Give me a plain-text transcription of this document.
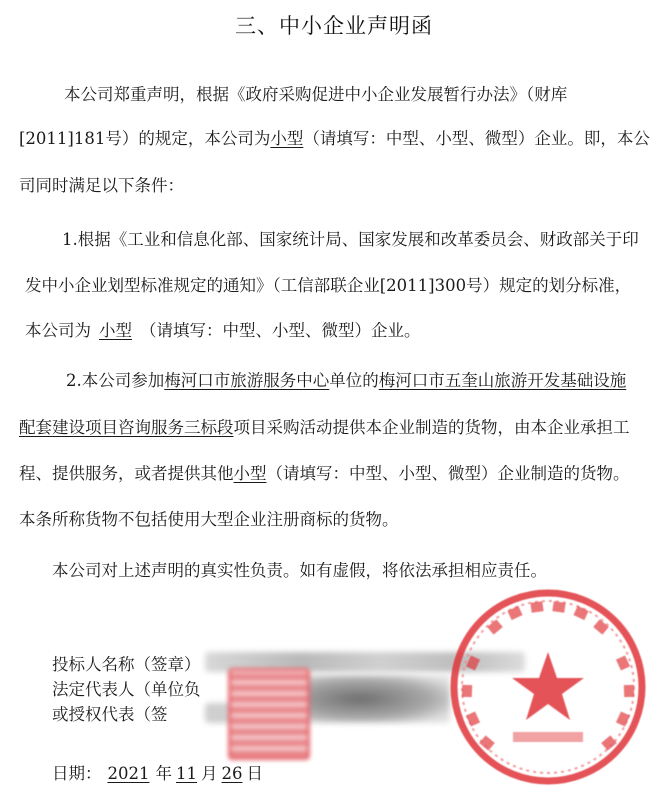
三、中小企业声明函
本公司郑重声明，根据《政府采购促进中小企业发展暂行办法》（财库
[2011]181号）的规定，本公司为小型（请填写：中型、小型、微型）企业。即，本公
司同时满足以下条件：
1.根据《工业和信息化部、国家统计局、国家发展和改革委员会、财政部关于印
发中小企业划型标准规定的通知》（工信部联企业[2011]300号）规定的划分标准，
本公司为 小型 （请填写：中型、小型、微型）企业。
2.本公司参加梅河口市旅游服务中心单位的梅河口市五奎山旅游开发基础设施
配套建设项目咨询服务三标段项目采购活动提供本企业制造的货物，由本企业承担工
程、提供服务，或者提供其他小型（请填写：中型、小型、微型）企业制造的货物。
本条所称货物不包括使用大型企业注册商标的货物。
本公司对上述声明的真实性负责。如有虚假，将依法承担相应责任。
投标人名称（签章）
法定代表人（单位负
或授权代表（签
日期： 2021 年 11 月 26 日
